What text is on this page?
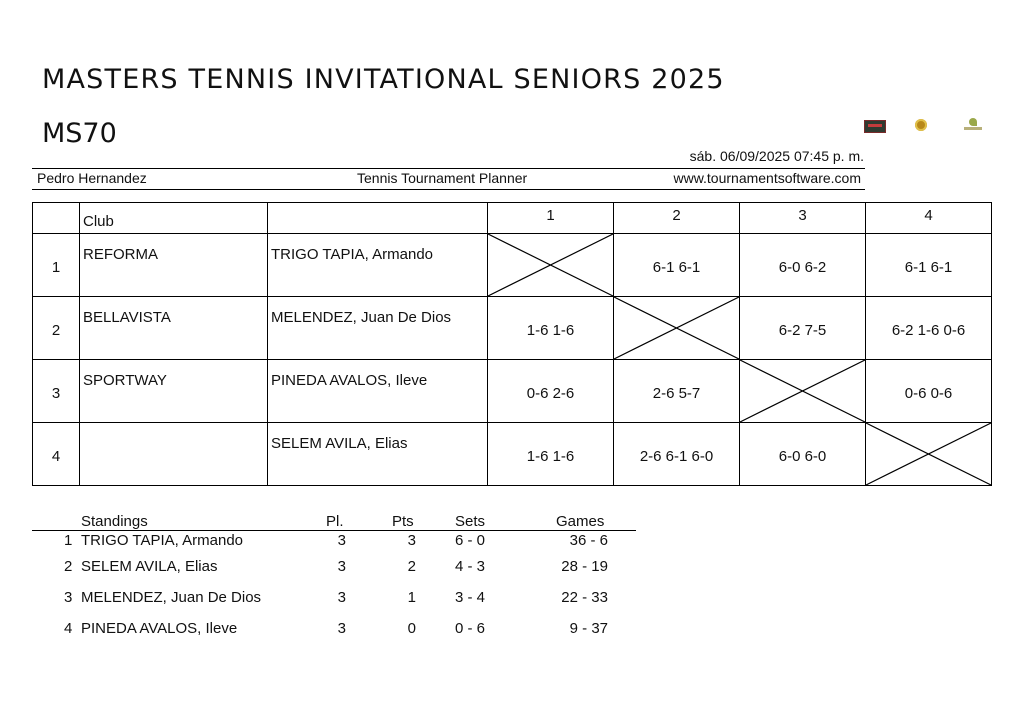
MASTERS TENNIS INVITATIONAL SENIORS 2025
MS70
sáb. 06/09/2025 07:45 p. m.
Pedro Hernandez	Tennis Tournament Planner	www.tournamentsoftware.com

	Club		1	2	3	4

1	REFORMA	TRIGO TAPIA, Armando		6-1 6-1	6-0 6-2	6-1 6-1

2	BELLAVISTA	MELENDEZ, Juan De Dios	1-6 1-6		6-2 7-5	6-2 1-6 0-6

3	SPORTWAY	PINEDA AVALOS, Ileve	0-6 2-6	2-6 5-7		0-6 0-6

4		SELEM AVILA, Elias	1-6 1-6	2-6 6-1 6-0	6-0 6-0

Standings	Pl.	Pts	Sets	Games
1 TRIGO TAPIA, Armando	3	3	6 - 0	36 - 6
2 SELEM AVILA, Elias	3	2	4 - 3	28 - 19
3 MELENDEZ, Juan De Dios	3	1	3 - 4	22 - 33
4 PINEDA AVALOS, Ileve	3	0	0 - 6	9 - 37
